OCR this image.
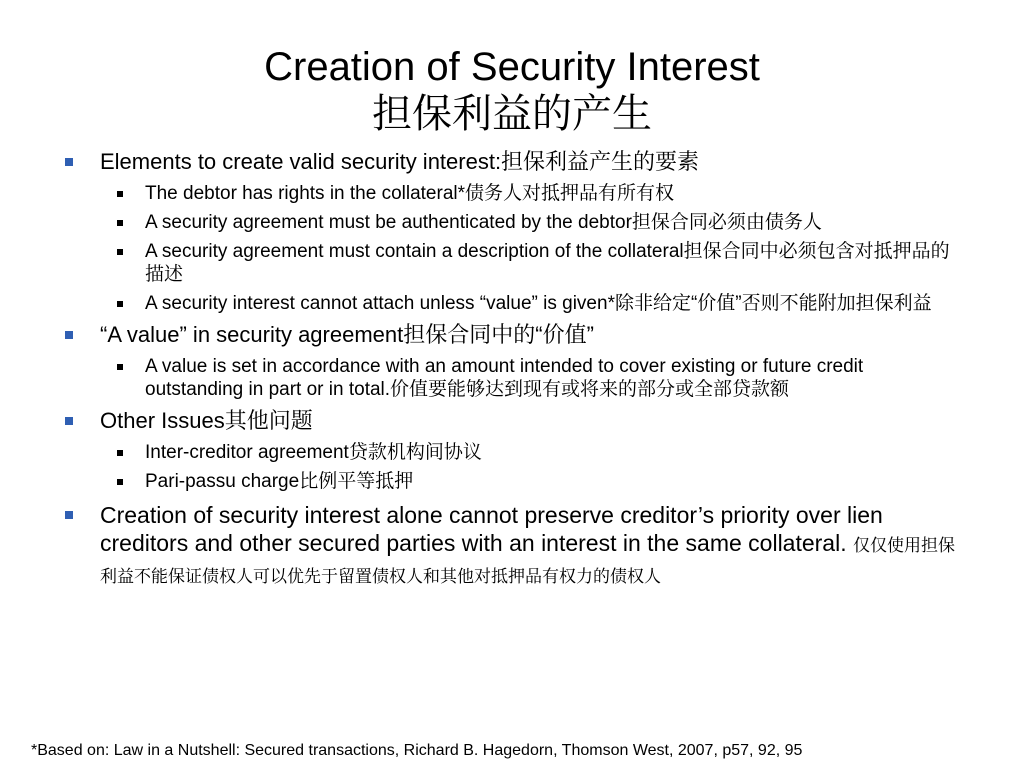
Creation of Security Interest
担保利益的产生
Elements to create valid security interest:担保利益产生的要素
The debtor has rights in the collateral*债务人对抵押品有所有权
A security agreement must be authenticated by the debtor担保合同必须由债务人
A security agreement must contain a description of the collateral担保合同中必须包含对抵押品的描述
A security interest cannot attach unless “value” is given*除非给定“价值”否则不能附加担保利益
“A value” in security agreement担保合同中的“价值”
A value is set in accordance with an amount intended to cover existing or future credit outstanding in part or in total.价值要能够达到现有或将来的部分或全部贷款额
Other Issues其他问题
Inter-creditor agreement贷款机构间协议
Pari-passu charge比例平等抵押
Creation of security interest alone cannot preserve creditor’s priority over lien creditors and other secured parties with an interest in the same collateral. 仅仅使用担保利益不能保证债权人可以优先于留置债权人和其他对抵押品有权力的债权人
*Based on: Law in a Nutshell: Secured transactions, Richard B. Hagedorn, Thomson West, 2007, p57, 92, 95
